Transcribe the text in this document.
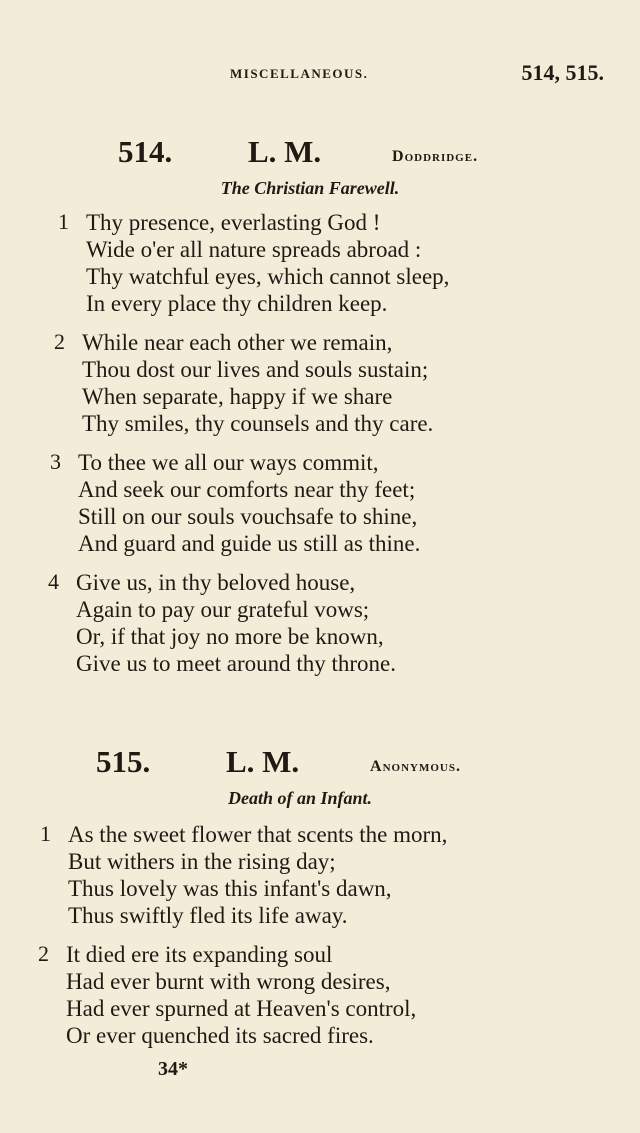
MISCELLANEOUS.	514, 515.
514. L. M.	doddridge.
The Christian Farewell.
1 Thy presence, everlasting God !
Wide o'er all nature spreads abroad :
Thy watchful eyes, which cannot sleep,
In every place thy children keep.
2 While near each other we remain,
Thou dost our lives and souls sustain;
When separate, happy if we share
Thy smiles, thy counsels and thy care.
3 To thee we all our ways commit,
And seek our comforts near thy feet;
Still on our souls vouchsafe to shine,
And guard and guide us still as thine.
4 Give us, in thy beloved house,
Again to pay our grateful vows;
Or, if that joy no more be known,
Give us to meet around thy throne.
515. L. M.	anonymous.
Death of an Infant.
1 As the sweet flower that scents the morn,
But withers in the rising day;
Thus lovely was this infant's dawn,
Thus swiftly fled its life away.
2 It died ere its expanding soul
Had ever burnt with wrong desires,
Had ever spurned at Heaven's control,
Or ever quenched its sacred fires.
34*
